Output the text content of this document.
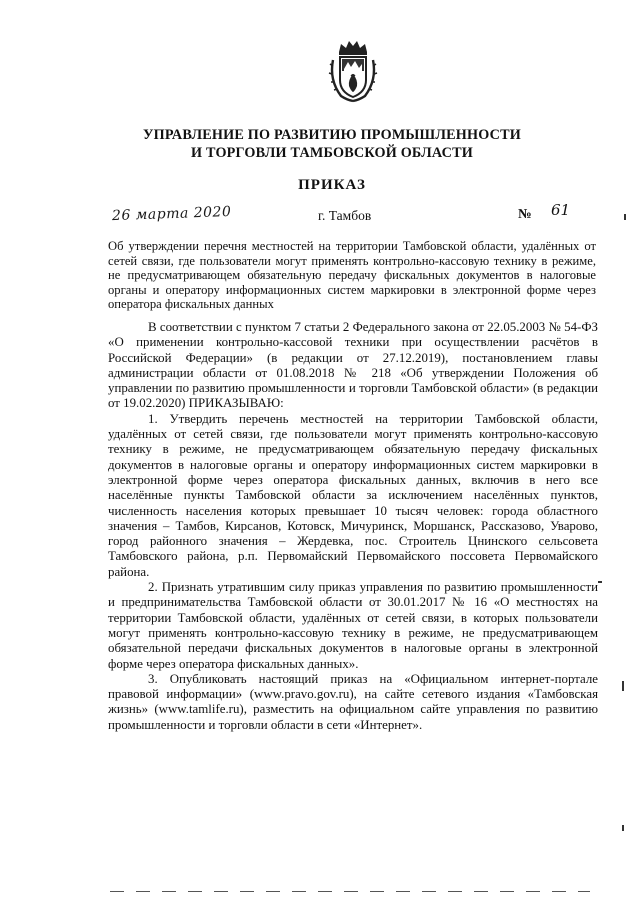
УПРАВЛЕНИЕ ПО РАЗВИТИЮ ПРОМЫШЛЕННОСТИ
И ТОРГОВЛИ ТАМБОВСКОЙ ОБЛАСТИ
ПРИКАЗ
26 марта 2020	г. Тамбов	№ 61
Об утверждении перечня местностей на территории Тамбовской области, удалённых от сетей связи, где пользователи могут применять контрольно-кассовую технику в режиме, не предусматривающем обязательную передачу фискальных документов в налоговые органы и оператору информационных систем маркировки в электронной форме через оператора фискальных данных

В соответствии с пунктом 7 статьи 2 Федерального закона от 22.05.2003 № 54-ФЗ «О применении контрольно-кассовой техники при осуществлении расчётов в Российской Федерации» (в редакции от 27.12.2019), постановлением главы администрации области от 01.08.2018 № 218 «Об утверждении Положения об управлении по развитию промышленности и торговли Тамбовской области» (в редакции от 19.02.2020) ПРИКАЗЫВАЮ:

1. Утвердить перечень местностей на территории Тамбовской области, удалённых от сетей связи, где пользователи могут применять контрольно-кассовую технику в режиме, не предусматривающем обязательную передачу фискальных документов в налоговые органы и оператору информационных систем маркировки в электронной форме через оператора фискальных данных, включив в него все населённые пункты Тамбовской области за исключением населённых пунктов, численность населения которых превышает 10 тысяч человек: города областного значения – Тамбов, Кирсанов, Котовск, Мичуринск, Моршанск, Рассказово, Уварово, город районного значения – Жердевка, пос. Строитель Цнинского сельсовета Тамбовского района, р.п. Первомайский Первомайского поссовета Первомайского района.

2. Признать утратившим силу приказ управления по развитию промышленности и предпринимательства Тамбовской области от 30.01.2017 № 16 «О местностях на территории Тамбовской области, удалённых от сетей связи, в которых пользователи могут применять контрольно-кассовую технику в режиме, не предусматривающем обязательной передачи фискальных документов в налоговые органы в электронной форме через оператора фискальных данных».

3. Опубликовать настоящий приказ на «Официальном интернет-портале правовой информации» (www.pravo.gov.ru), на сайте сетевого издания «Тамбовская жизнь» (www.tamlife.ru), разместить на официальном сайте управления по развитию промышленности и торговли области в сети «Интернет».
